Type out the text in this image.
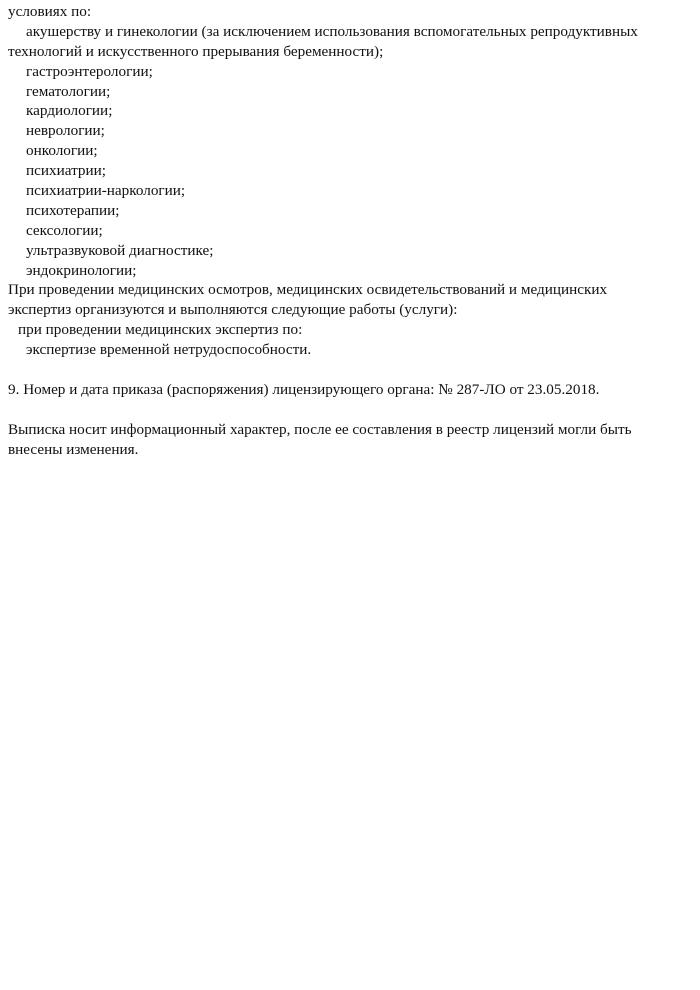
условиях по:
акушерству и гинекологии (за исключением использования вспомогательных репродуктивных
технологий и искусственного прерывания беременности);
гастроэнтерологии;
гематологии;
кардиологии;
неврологии;
онкологии;
психиатрии;
психиатрии-наркологии;
психотерапии;
сексологии;
ультразвуковой диагностике;
эндокринологии;
При проведении медицинских осмотров, медицинских освидетельствований и медицинских
экспертиз организуются и выполняются следующие работы (услуги):
при проведении медицинских экспертиз по:
экспертизе временной нетрудоспособности.
9. Номер и дата приказа (распоряжения) лицензирующего органа: № 287-ЛО от 23.05.2018.
Выписка носит информационный характер, после ее составления в реестр лицензий могли быть
внесены изменения.
